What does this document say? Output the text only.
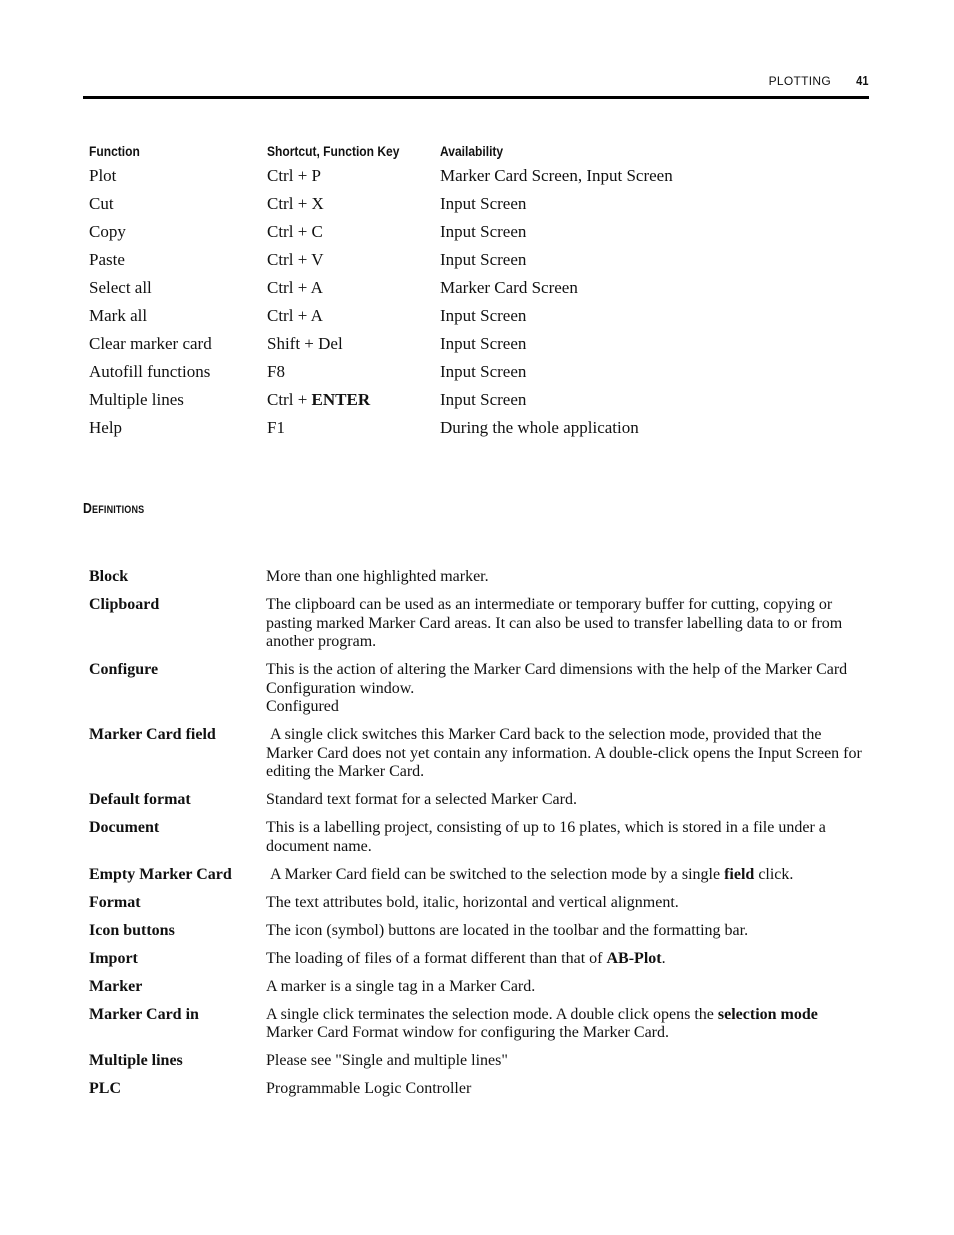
PLOTTING 41
Function	Shortcut, Function Key	Availability
Plot	Ctrl + P	Marker Card Screen, Input Screen
Cut	Ctrl + X	Input Screen
Copy	Ctrl + C	Input Screen
Paste	Ctrl + V	Input Screen
Select all	Ctrl + A	Marker Card Screen
Mark all	Ctrl + A	Input Screen
Clear marker card	Shift + Del	Input Screen
Autofill functions	F8	Input Screen
Multiple lines	Ctrl + ENTER	Input Screen
Help	F1	During the whole application
Definitions
Block	More than one highlighted marker.
Clipboard	The clipboard can be used as an intermediate or temporary buffer for cutting, copying or pasting marked Marker Card areas. It can also be used to transfer labelling data to or from another program.
Configure	This is the action of altering the Marker Card dimensions with the help of the Marker Card Configuration window.
Configured
Marker Card field	A single click switches this Marker Card back to the selection mode, provided that the Marker Card does not yet contain any information. A double-click opens the Input Screen for editing the Marker Card.
Default format	Standard text format for a selected Marker Card.
Document	This is a labelling project, consisting of up to 16 plates, which is stored in a file under a document name.
Empty Marker Card	A Marker Card field can be switched to the selection mode by a single field click.
Format	The text attributes bold, italic, horizontal and vertical alignment.
Icon buttons	The icon (symbol) buttons are located in the toolbar and the formatting bar.
Import	The loading of files of a format different than that of AB-Plot.
Marker	A marker is a single tag in a Marker Card.
Marker Card in	A single click terminates the selection mode. A double click opens the selection mode Marker Card Format window for configuring the Marker Card.
Multiple lines	Please see "Single and multiple lines"
PLC	Programmable Logic Controller
